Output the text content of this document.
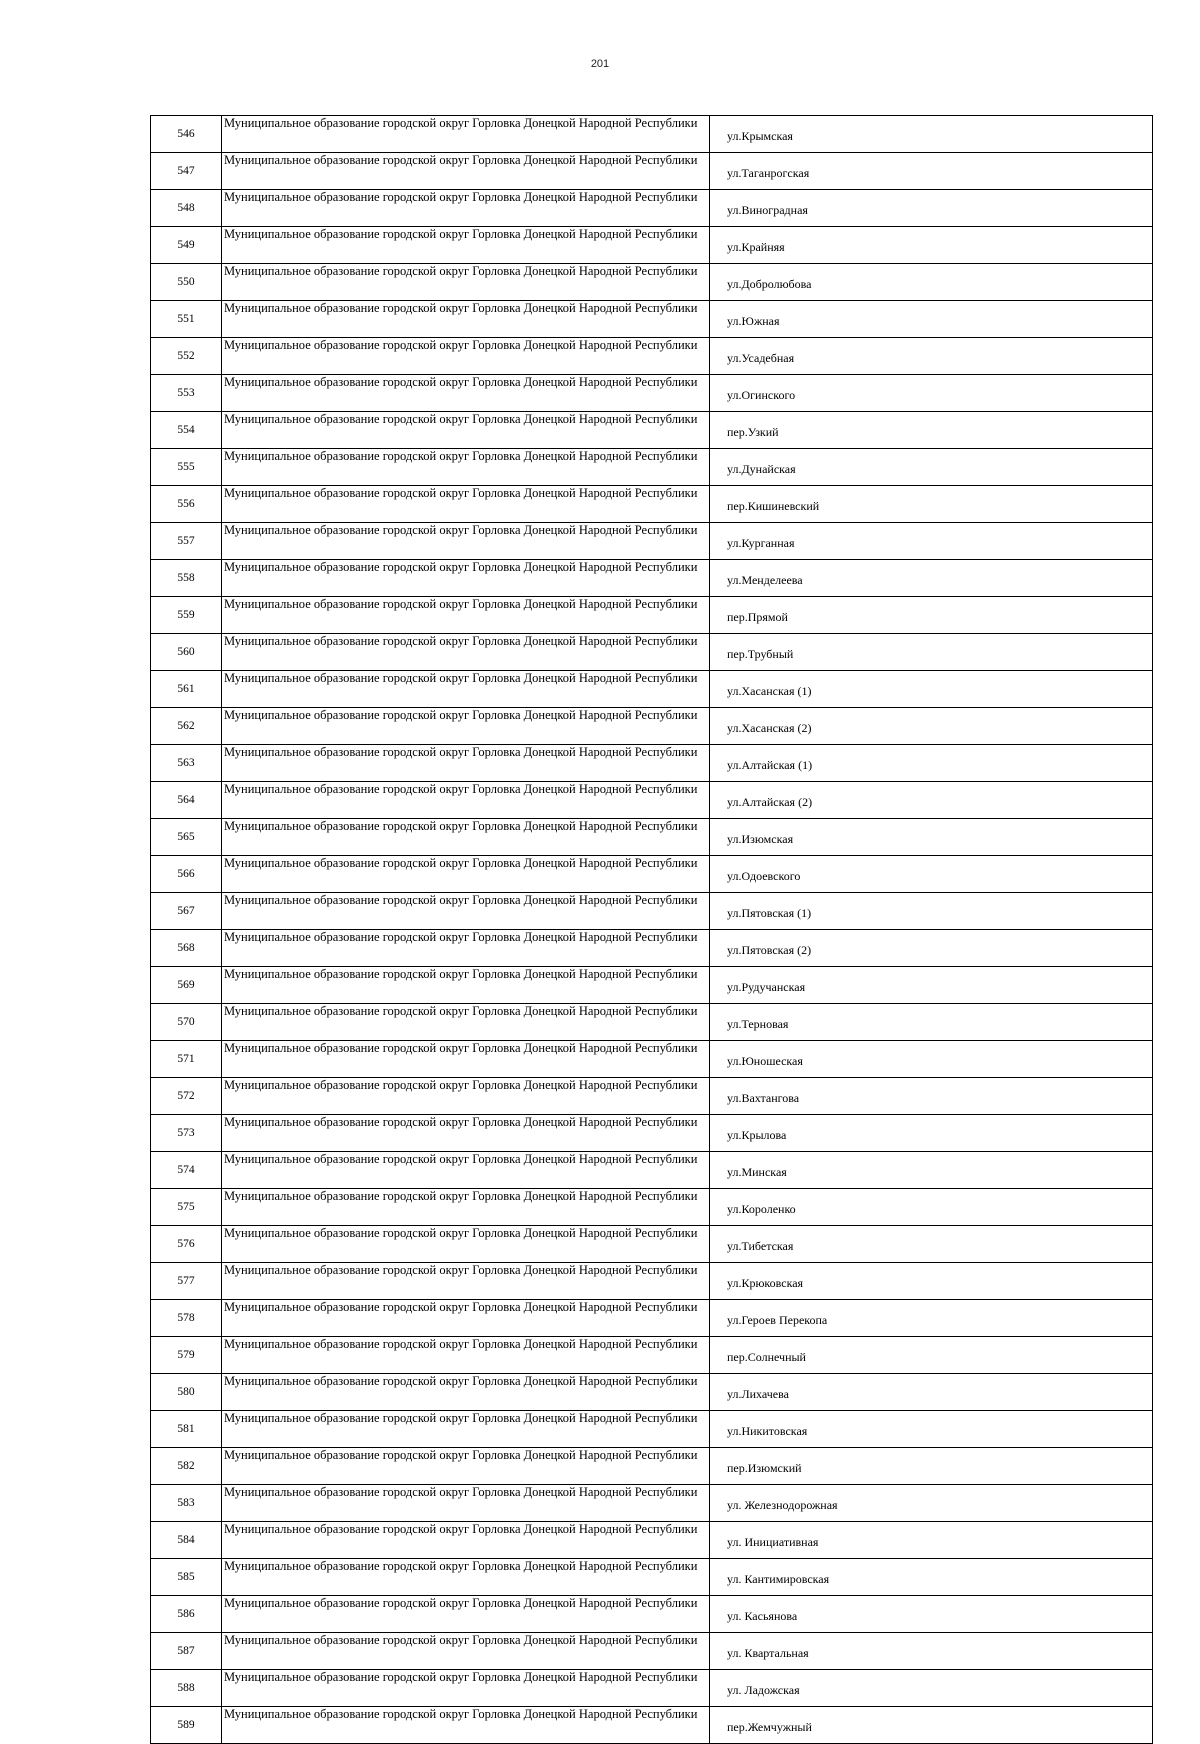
201
546	Муниципальное образование городской округ Горловка Донецкой Народной Республики	ул.Крымская
547	Муниципальное образование городской округ Горловка Донецкой Народной Республики	ул.Таганрогская
548	Муниципальное образование городской округ Горловка Донецкой Народной Республики	ул.Виноградная
549	Муниципальное образование городской округ Горловка Донецкой Народной Республики	ул.Крайняя
550	Муниципальное образование городской округ Горловка Донецкой Народной Республики	ул.Добролюбова
551	Муниципальное образование городской округ Горловка Донецкой Народной Республики	ул.Южная
552	Муниципальное образование городской округ Горловка Донецкой Народной Республики	ул.Усадебная
553	Муниципальное образование городской округ Горловка Донецкой Народной Республики	ул.Огинского
554	Муниципальное образование городской округ Горловка Донецкой Народной Республики	пер.Узкий
555	Муниципальное образование городской округ Горловка Донецкой Народной Республики	ул.Дунайская
556	Муниципальное образование городской округ Горловка Донецкой Народной Республики	пер.Кишиневский
557	Муниципальное образование городской округ Горловка Донецкой Народной Республики	ул.Курганная
558	Муниципальное образование городской округ Горловка Донецкой Народной Республики	ул.Менделеева
559	Муниципальное образование городской округ Горловка Донецкой Народной Республики	пер.Прямой
560	Муниципальное образование городской округ Горловка Донецкой Народной Республики	пер.Трубный
561	Муниципальное образование городской округ Горловка Донецкой Народной Республики	ул.Хасанская (1)
562	Муниципальное образование городской округ Горловка Донецкой Народной Республики	ул.Хасанская (2)
563	Муниципальное образование городской округ Горловка Донецкой Народной Республики	ул.Алтайская (1)
564	Муниципальное образование городской округ Горловка Донецкой Народной Республики	ул.Алтайская (2)
565	Муниципальное образование городской округ Горловка Донецкой Народной Республики	ул.Изюмская
566	Муниципальное образование городской округ Горловка Донецкой Народной Республики	ул.Одоевского
567	Муниципальное образование городской округ Горловка Донецкой Народной Республики	ул.Пятовская (1)
568	Муниципальное образование городской округ Горловка Донецкой Народной Республики	ул.Пятовская (2)
569	Муниципальное образование городской округ Горловка Донецкой Народной Республики	ул.Рудучанская
570	Муниципальное образование городской округ Горловка Донецкой Народной Республики	ул.Терновая
571	Муниципальное образование городской округ Горловка Донецкой Народной Республики	ул.Юношеская
572	Муниципальное образование городской округ Горловка Донецкой Народной Республики	ул.Вахтангова
573	Муниципальное образование городской округ Горловка Донецкой Народной Республики	ул.Крылова
574	Муниципальное образование городской округ Горловка Донецкой Народной Республики	ул.Минская
575	Муниципальное образование городской округ Горловка Донецкой Народной Республики	ул.Короленко
576	Муниципальное образование городской округ Горловка Донецкой Народной Республики	ул.Тибетская
577	Муниципальное образование городской округ Горловка Донецкой Народной Республики	ул.Крюковская
578	Муниципальное образование городской округ Горловка Донецкой Народной Республики	ул.Героев Перекопа
579	Муниципальное образование городской округ Горловка Донецкой Народной Республики	пер.Солнечный
580	Муниципальное образование городской округ Горловка Донецкой Народной Республики	ул.Лихачева
581	Муниципальное образование городской округ Горловка Донецкой Народной Республики	ул.Никитовская
582	Муниципальное образование городской округ Горловка Донецкой Народной Республики	пер.Изюмский
583	Муниципальное образование городской округ Горловка Донецкой Народной Республики	ул. Железнодорожная
584	Муниципальное образование городской округ Горловка Донецкой Народной Республики	ул. Инициативная
585	Муниципальное образование городской округ Горловка Донецкой Народной Республики	ул. Кантимировская
586	Муниципальное образование городской округ Горловка Донецкой Народной Республики	ул. Касьянова
587	Муниципальное образование городской округ Горловка Донецкой Народной Республики	ул. Квартальная
588	Муниципальное образование городской округ Горловка Донецкой Народной Республики	ул. Ладожская
589	Муниципальное образование городской округ Горловка Донецкой Народной Республики	пер.Жемчужный
